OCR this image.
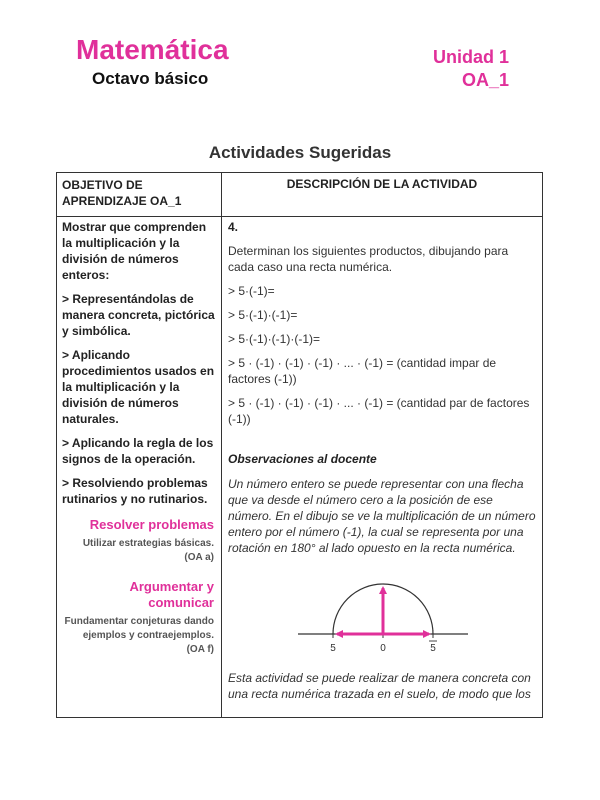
Matemática
Octavo básico
Unidad 1
OA_1
Actividades Sugeridas
OBJETIVO DE APRENDIZAJE OA_1
DESCRIPCIÓN DE LA ACTIVIDAD

Mostrar que comprenden la multiplicación y la división de números enteros:

> Representándolas de manera concreta, pictórica y simbólica.

> Aplicando procedimientos usados en la multiplicación y la división de números naturales.

> Aplicando la regla de los signos de la operación.

> Resolviendo problemas rutinarios y no rutinarios.

Resolver problemas
Utilizar estrategias básicas. (OA a)
Argumentar y comunicar
Fundamentar conjeturas dando ejemplos y contraejemplos. (OA f)

4.

Determinan los siguientes productos, dibujando para cada caso una recta numérica.

> 5·(-1)=

> 5·(-1)·(-1)=

> 5·(-1)·(-1)·(-1)=

> 5 · (-1) · (-1) · (-1) · ... · (-1) = (cantidad impar de factores (-1))

> 5 · (-1) · (-1) · (-1) · ... · (-1) = (cantidad par de factores (-1))

Observaciones al docente

Un número entero se puede representar con una flecha que va desde el número cero a la posición de ese número. En el dibujo se ve la multiplicación de un número entero por el número (-1), la cual se representa por una rotación en 180° al lado opuesto en la recta numérica.

5	0	5

Esta actividad se puede realizar de manera concreta con una recta numérica trazada en el suelo, de modo que los
